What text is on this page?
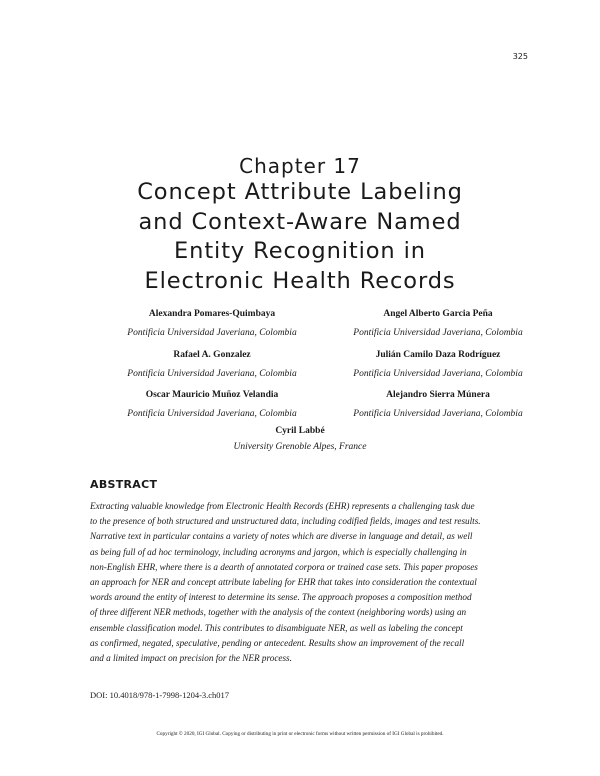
325
Chapter 17
Concept Attribute Labeling
and Context-Aware Named
Entity Recognition in
Electronic Health Records
Alexandra Pomares-Quimbaya
Pontificia Universidad Javeriana, Colombia
Angel Alberto Garcia Peña
Pontificia Universidad Javeriana, Colombia
Rafael A. Gonzalez
Pontificia Universidad Javeriana, Colombia
Julián Camilo Daza Rodríguez
Pontificia Universidad Javeriana, Colombia
Oscar Mauricio Muñoz Velandia
Pontificia Universidad Javeriana, Colombia
Alejandro Sierra Múnera
Pontificia Universidad Javeriana, Colombia
Cyril Labbé
University Grenoble Alpes, France
ABSTRACT
Extracting valuable knowledge from Electronic Health Records (EHR) represents a challenging task due
to the presence of both structured and unstructured data, including codified fields, images and test results.
Narrative text in particular contains a variety of notes which are diverse in language and detail, as well
as being full of ad hoc terminology, including acronyms and jargon, which is especially challenging in
non-English EHR, where there is a dearth of annotated corpora or trained case sets. This paper proposes
an approach for NER and concept attribute labeling for EHR that takes into consideration the contextual
words around the entity of interest to determine its sense. The approach proposes a composition method
of three different NER methods, together with the analysis of the context (neighboring words) using an
ensemble classification model. This contributes to disambiguate NER, as well as labeling the concept
as confirmed, negated, speculative, pending or antecedent. Results show an improvement of the recall
and a limited impact on precision for the NER process.
DOI: 10.4018/978-1-7998-1204-3.ch017
Copyright © 2020, IGI Global. Copying or distributing in print or electronic forms without written permission of IGI Global is prohibited.
